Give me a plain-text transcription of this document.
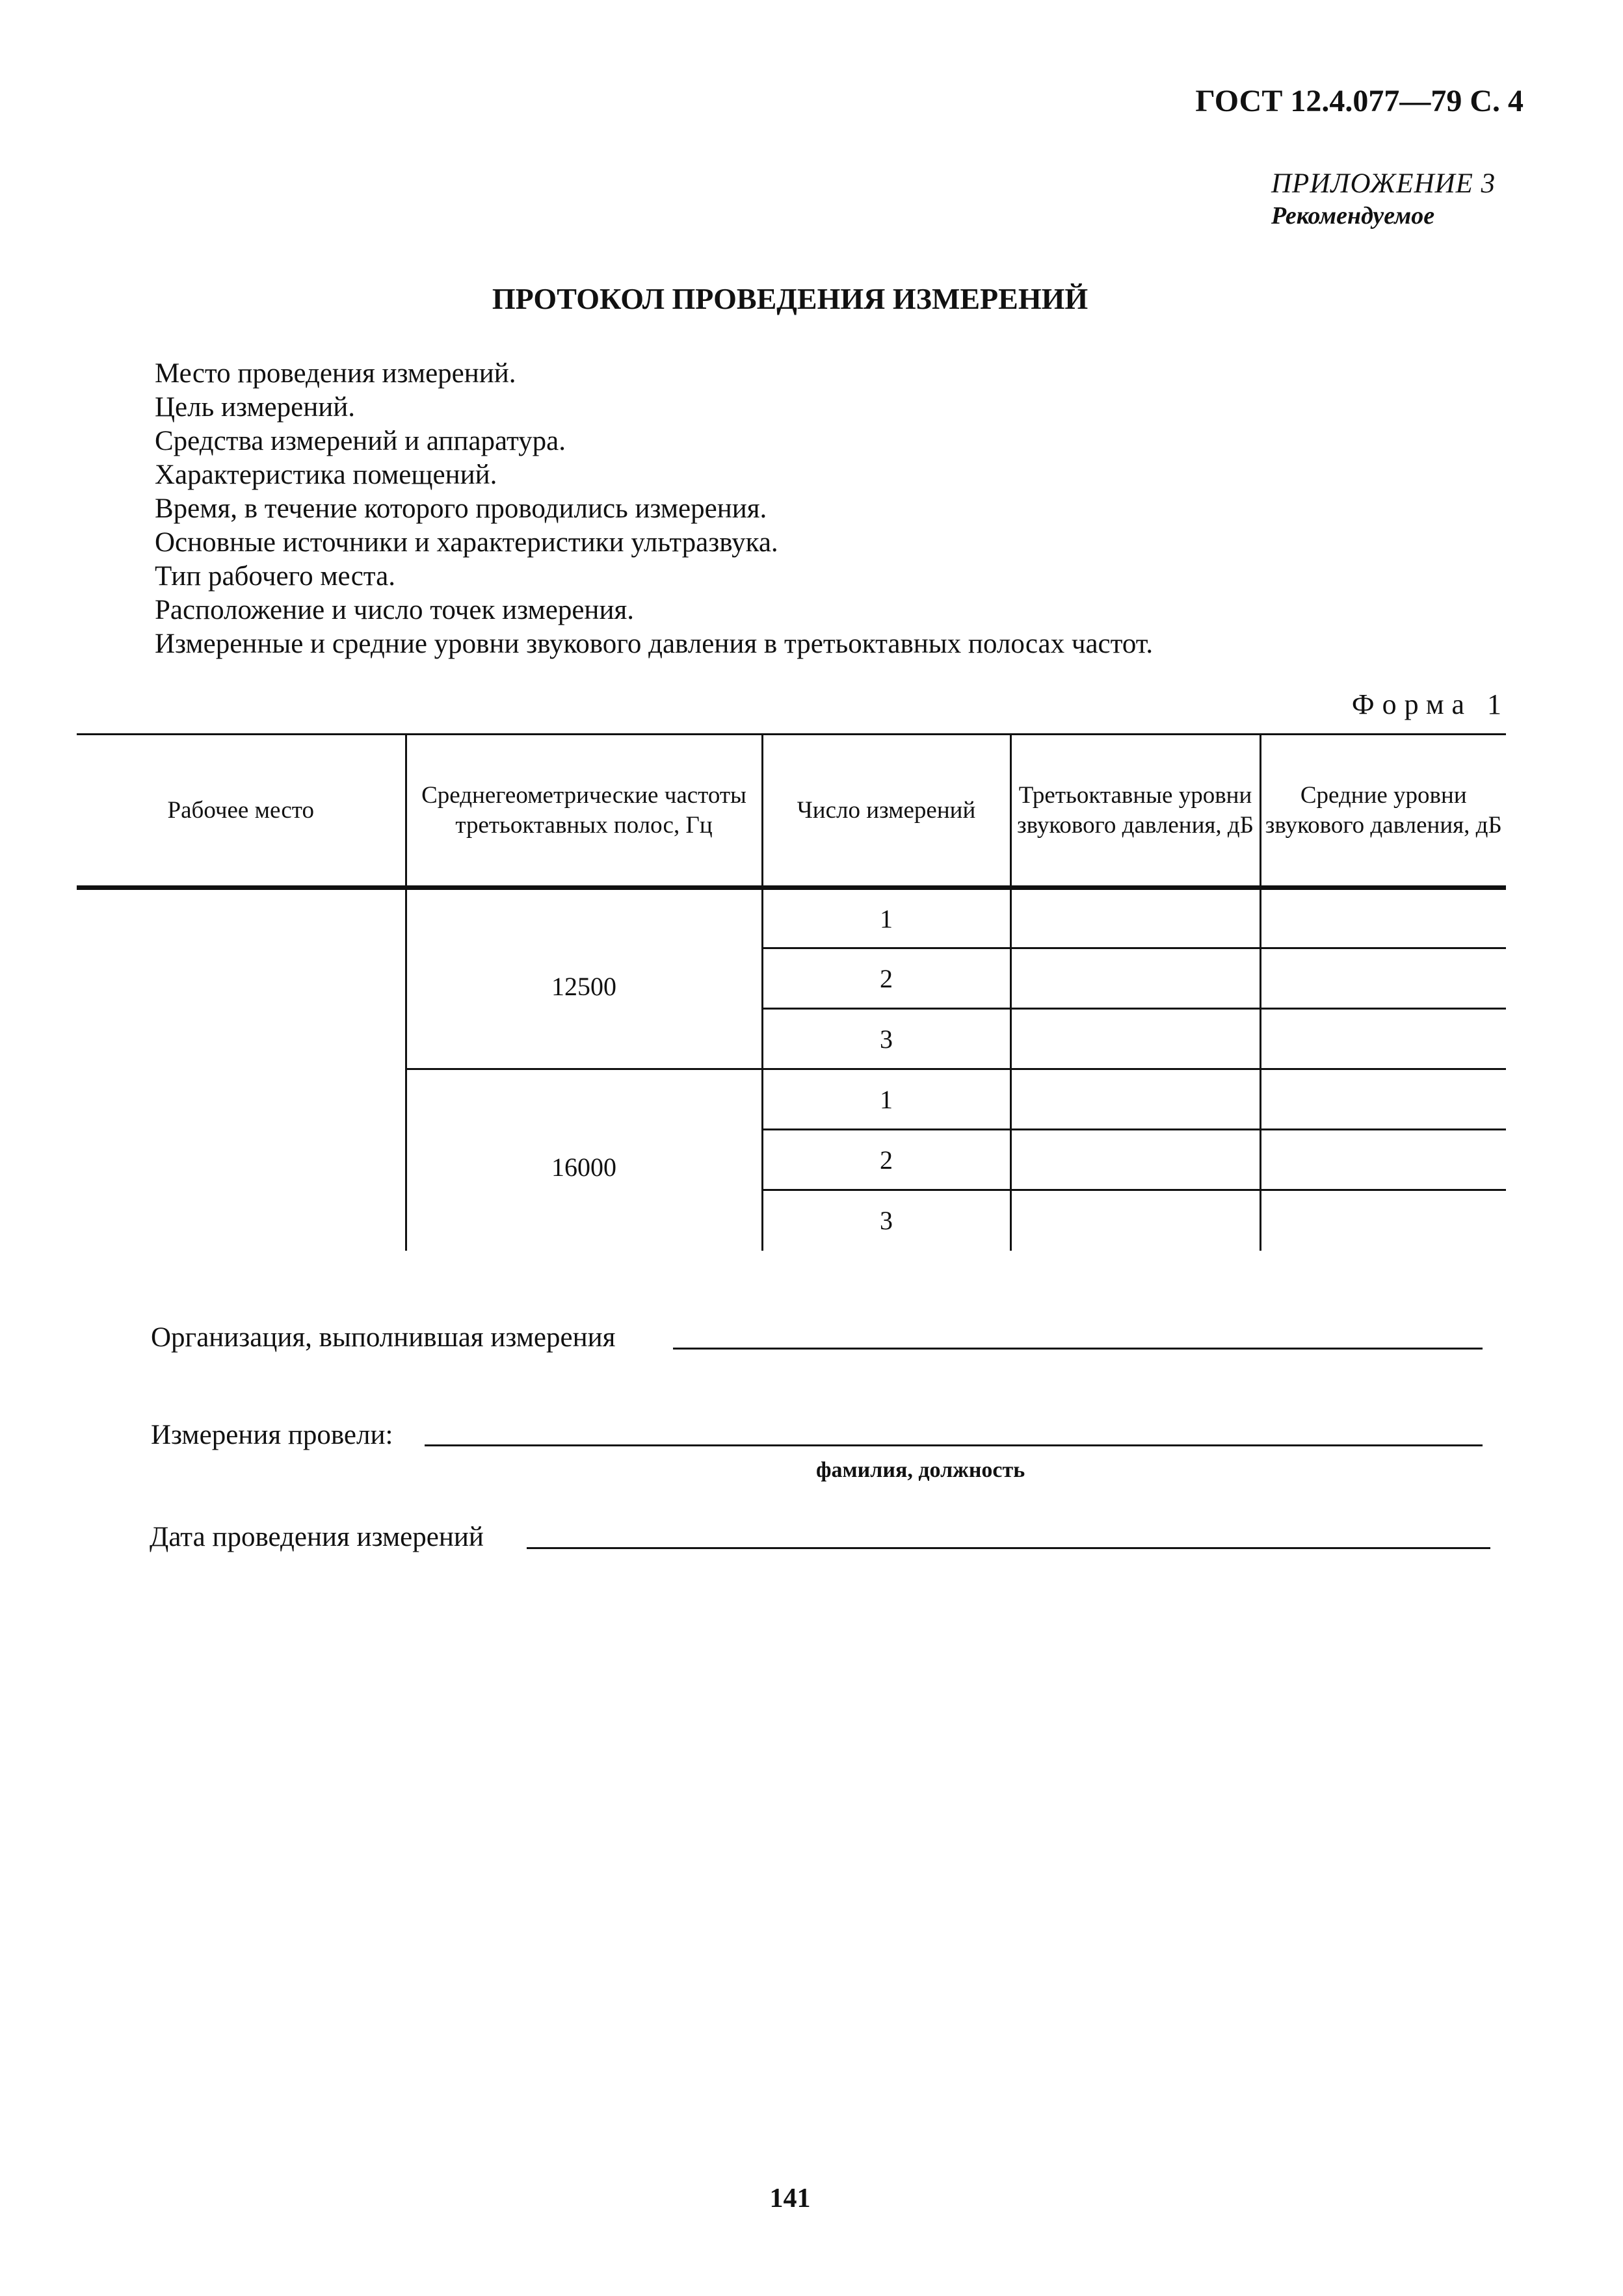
ГОСТ 12.4.077—79 С. 4
ПРИЛОЖЕНИЕ 3
Рекомендуемое
ПРОТОКОЛ ПРОВЕДЕНИЯ ИЗМЕРЕНИЙ
Место проведения измерений.
Цель измерений.
Средства измерений и аппаратура.
Характеристика помещений.
Время, в течение которого проводились измерения.
Основные источники и характеристики ультразвука.
Тип рабочего места.
Расположение и число точек измерения.
Измеренные и средние уровни звукового давления в третьоктавных полосах частот.
Форма 1
Рабочее место	Среднегеометрические частоты третьоктавных полос, Гц	Число измерений	Третьоктавные уровни звукового давления, дБ	Средние уровни звукового давления, дБ
	12500	1		
		2		
		3		
	16000	1		
		2		
		3		
Организация, выполнившая измерения
Измерения провели:
фамилия, должность
Дата проведения измерений
141
